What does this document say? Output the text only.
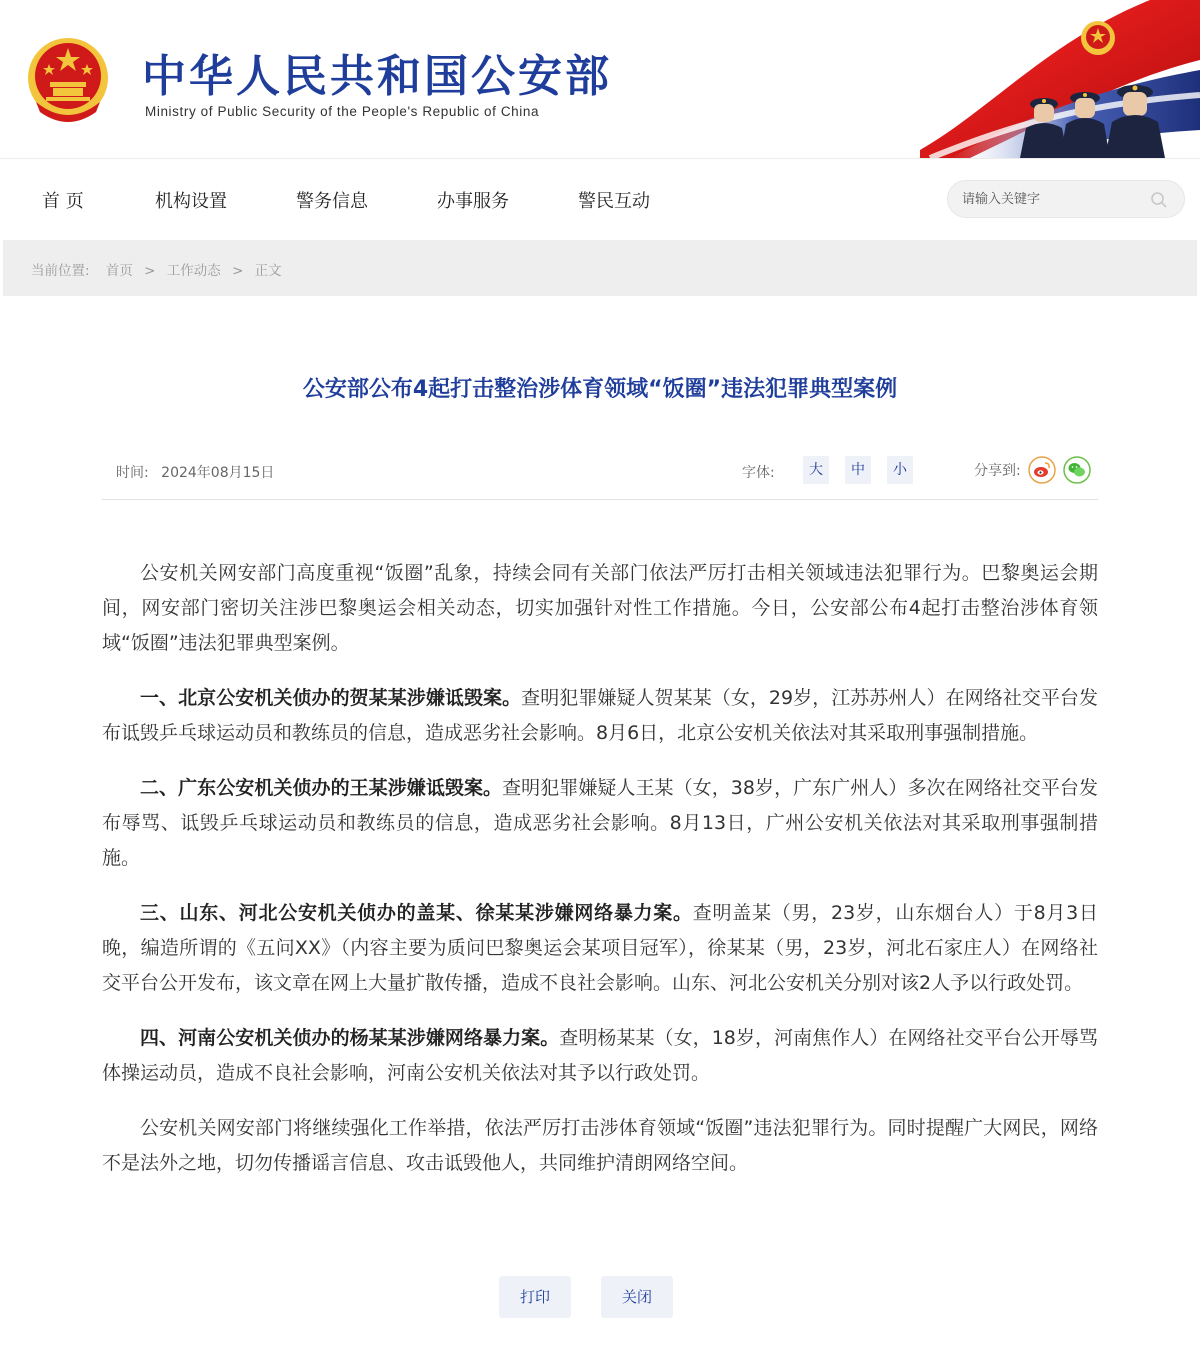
中华人民共和国公安部
Ministry of Public Security of the People's Republic of China
首 页	机构设置	警务信息	办事服务	警民互动
请输入关键字
当前位置: 首页 > 工作动态 > 正文
公安部公布4起打击整治涉体育领域“饭圈”违法犯罪典型案例
时间: 2024年08月15日	字体:	大	中	小	分享到:

公安机关网安部门高度重视“饭圈”乱象，持续会同有关部门依法严厉打击相关领域违法犯罪行为。巴黎奥运会期间，网安部门密切关注涉巴黎奥运会相关动态，切实加强针对性工作措施。今日，公安部公布4起打击整治涉体育领域“饭圈”违法犯罪典型案例。

一、北京公安机关侦办的贺某某涉嫌诋毁案。查明犯罪嫌疑人贺某某（女，29岁，江苏苏州人）在网络社交平台发布诋毁乒乓球运动员和教练员的信息，造成恶劣社会影响。8月6日，北京公安机关依法对其采取刑事强制措施。

二、广东公安机关侦办的王某涉嫌诋毁案。查明犯罪嫌疑人王某（女，38岁，广东广州人）多次在网络社交平台发布辱骂、诋毁乒乓球运动员和教练员的信息，造成恶劣社会影响。8月13日，广州公安机关依法对其采取刑事强制措施。

三、山东、河北公安机关侦办的盖某、徐某某涉嫌网络暴力案。查明盖某（男，23岁，山东烟台人）于8月3日晚，编造所谓的《五问XX》（内容主要为质问巴黎奥运会某项目冠军），徐某某（男，23岁，河北石家庄人）在网络社交平台公开发布，该文章在网上大量扩散传播，造成不良社会影响。山东、河北公安机关分别对该2人予以行政处罚。

四、河南公安机关侦办的杨某某涉嫌网络暴力案。查明杨某某（女，18岁，河南焦作人）在网络社交平台公开辱骂体操运动员，造成不良社会影响，河南公安机关依法对其予以行政处罚。

公安机关网安部门将继续强化工作举措，依法严厉打击涉体育领域“饭圈”违法犯罪行为。同时提醒广大网民，网络不是法外之地，切勿传播谣言信息、攻击诋毁他人，共同维护清朗网络空间。

打印	关闭
